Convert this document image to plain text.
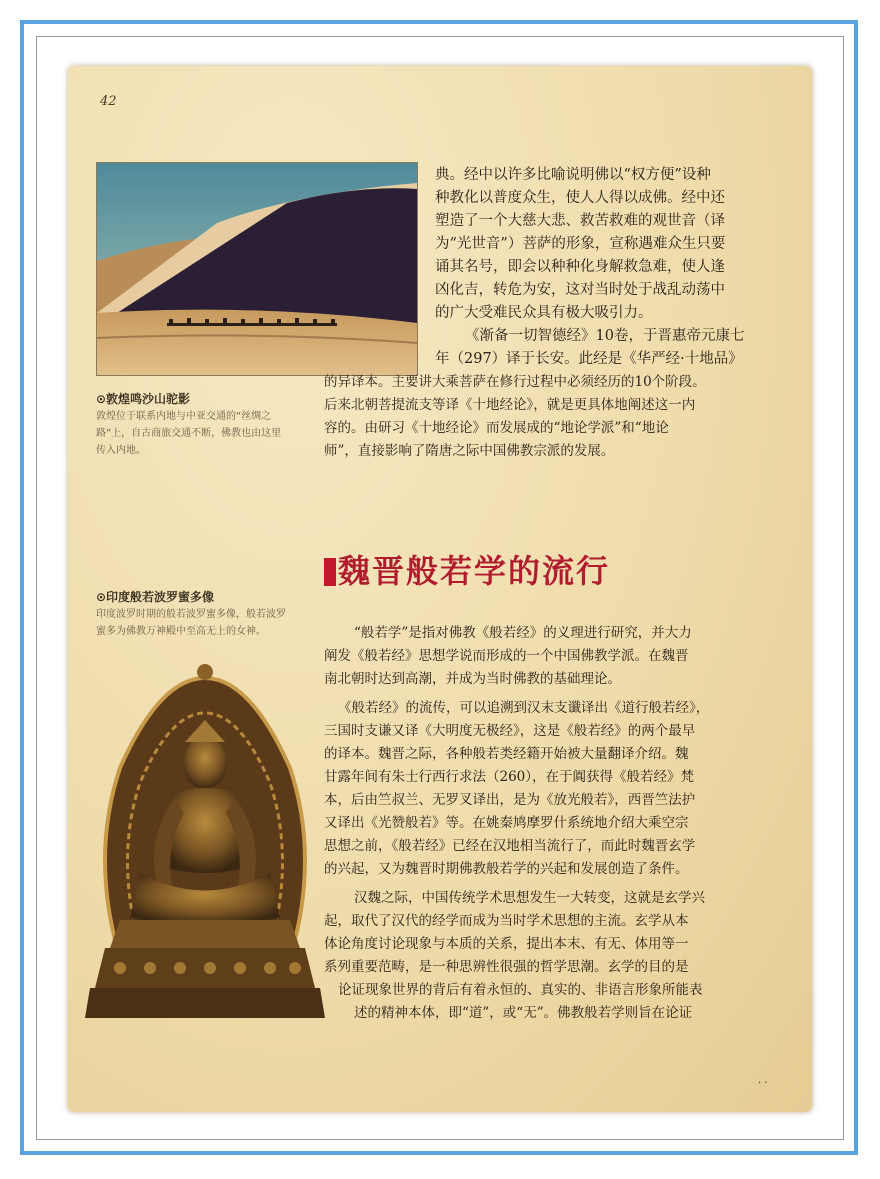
42
⊙敦煌鸣沙山驼影
敦煌位于联系内地与中亚交通的“丝绸之
路”上，自古商旅交通不断，佛教也由这里
传入内地。
典。经中以许多比喻说明佛以“权方便”设种
种教化以普度众生，使人人得以成佛。经中还
塑造了一个大慈大悲、救苦救难的观世音（译
为“光世音”）菩萨的形象，宣称遇难众生只要
诵其名号，即会以种种化身解救急难，使人逢
凶化吉，转危为安，这对当时处于战乱动荡中
的广大受难民众具有极大吸引力。
《渐备一切智德经》10卷，于晋惠帝元康七
年（297）译于长安。此经是《华严经·十地品》
的异译本。主要讲大乘菩萨在修行过程中必须经历的10个阶段。
后来北朝菩提流支等译《十地经论》，就是更具体地阐述这一内
容的。由研习《十地经论》而发展成的“地论学派”和“地论
师”，直接影响了隋唐之际中国佛教宗派的发展。
魏晋般若学的流行
⊙印度般若波罗蜜多像
印度波罗时期的般若波罗蜜多像，般若波罗
蜜多为佛教万神殿中至高无上的女神。	“般若学”是指对佛教《般若经》的义理进行研究，并大力
阐发《般若经》思想学说而形成的一个中国佛教学派。在魏晋
南北朝时达到高潮，并成为当时佛教的基础理论。
《般若经》的流传，可以追溯到汉末支谶译出《道行般若经》，
三国时支谦又译《大明度无极经》，这是《般若经》的两个最早
的译本。魏晋之际，各种般若类经籍开始被大量翻译介绍。魏
甘露年间有朱士行西行求法（260），在于阗获得《般若经》梵
本，后由竺叔兰、无罗叉译出，是为《放光般若》，西晋竺法护
又译出《光赞般若》等。在姚秦鸠摩罗什系统地介绍大乘空宗
思想之前，《般若经》已经在汉地相当流行了，而此时魏晋玄学
的兴起，又为魏晋时期佛教般若学的兴起和发展创造了条件。
汉魏之际，中国传统学术思想发生一大转变，这就是玄学兴
起，取代了汉代的经学而成为当时学术思想的主流。玄学从本
体论角度讨论现象与本质的关系，提出本末、有无、体用等一
系列重要范畴，是一种思辨性很强的哲学思潮。玄学的目的是
论证现象世界的背后有着永恒的、真实的、非语言形象所能表
述的精神本体，即“道”，或“无”。佛教般若学则旨在论证
· ·
